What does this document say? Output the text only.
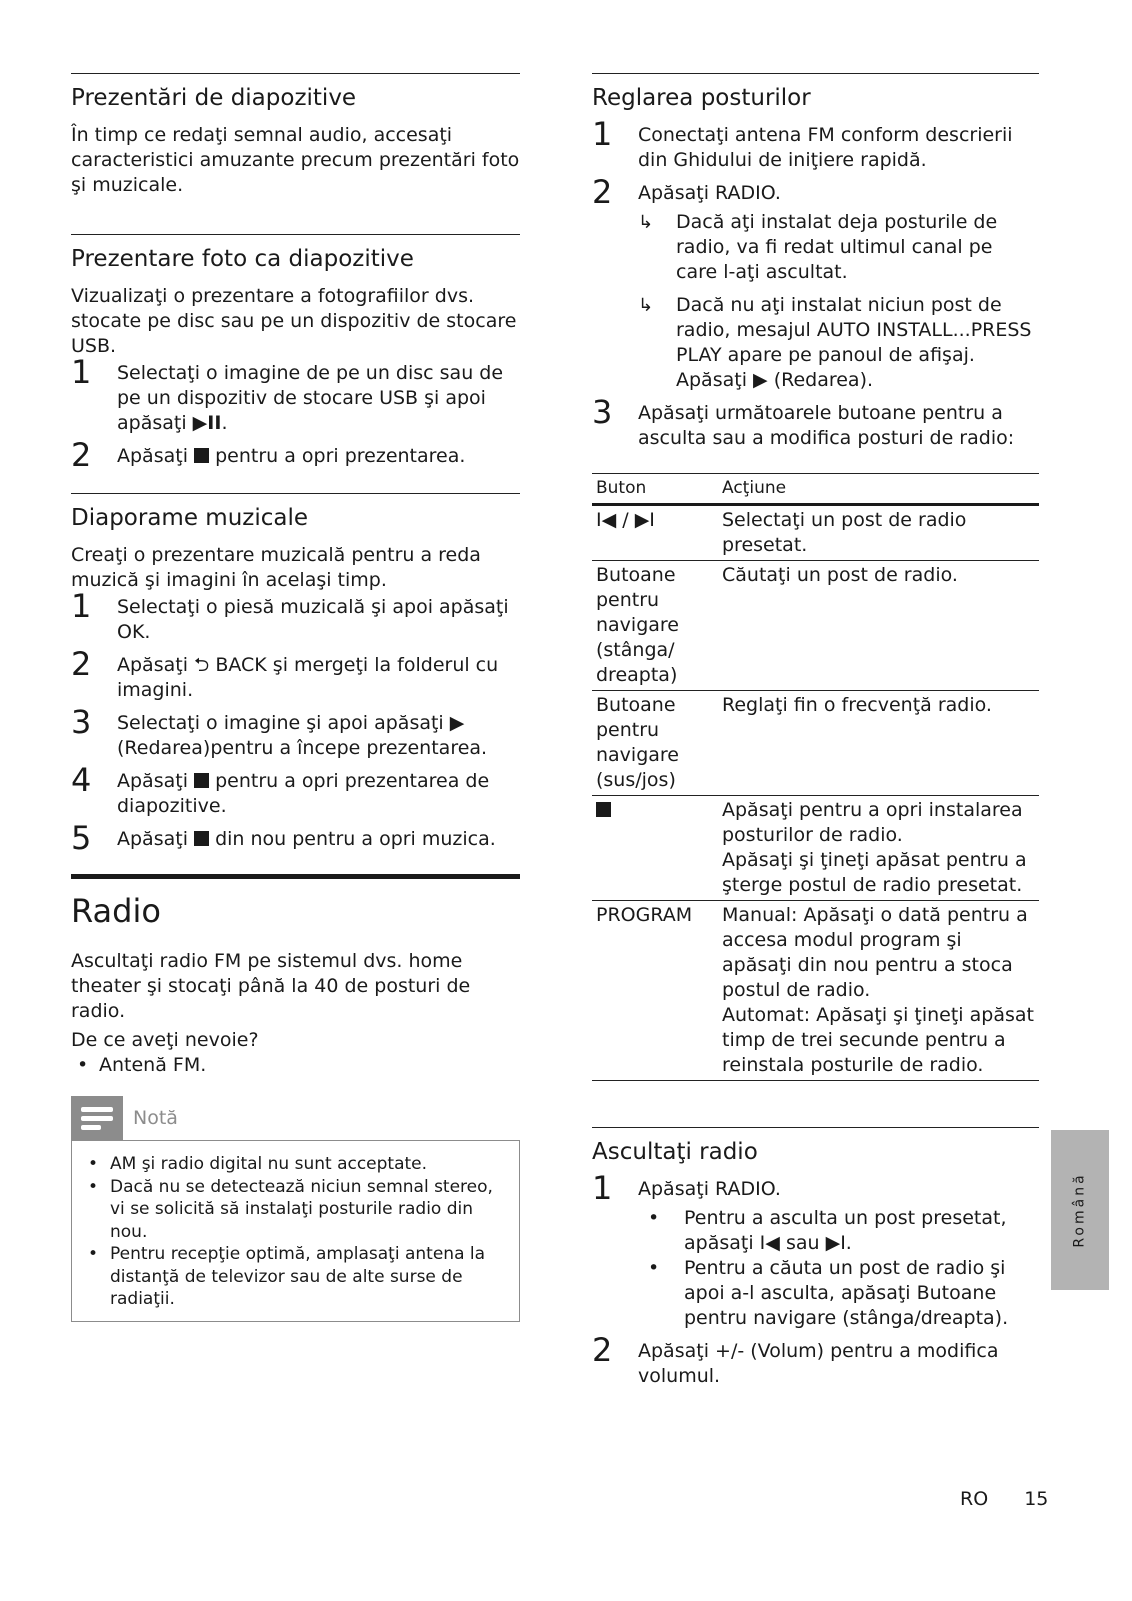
Prezentări de diapozitive

În timp ce redaţi semnal audio, accesaţi caracteristici amuzante precum prezentări foto şi muzicale.

Prezentare foto ca diapozitive

Vizualizaţi o prezentare a fotografiilor dvs. stocate pe disc sau pe un dispozitiv de stocare USB.

1 Selectaţi o imagine de pe un disc sau de pe un dispozitiv de stocare USB şi apoi apăsaţi ▶II.
2 Apăsaţi pentru a opri prezentarea.
Diaporame muzicale

Creaţi o prezentare muzicală pentru a reda muzică şi imagini în acelaşi timp.

1 Selectaţi o piesă muzicală şi apoi apăsaţi OK.
2 Apăsaţi ⮌ BACK şi mergeţi la folderul cu imagini.
3 Selectaţi o imagine şi apoi apăsaţi ▶ (Redarea)pentru a începe prezentarea.
4 Apăsaţi pentru a opri prezentarea de diapozitive.
5 Apăsaţi din nou pentru a opri muzica.
Radio

Ascultaţi radio FM pe sistemul dvs. home theater şi stocaţi până la 40 de posturi de radio.

De ce aveţi nevoie?

• Antenă FM.
Notă
• AM şi radio digital nu sunt acceptate.
• Dacă nu se detectează niciun semnal stereo, vi se solicită să instalaţi posturile radio din nou.
• Pentru recepţie optimă, amplasaţi antena la distanţă de televizor sau de alte surse de radiaţii.
Reglarea posturilor
1 Conectaţi antena FM conform descrierii din Ghidului de iniţiere rapidă.
2 Apăsaţi RADIO.
↳ Dacă aţi instalat deja posturile de radio, va fi redat ultimul canal pe care l-aţi ascultat.
↳ Dacă nu aţi instalat niciun post de radio, mesajul AUTO INSTALL...PRESS PLAY apare pe panoul de afişaj. Apăsaţi ▶ (Redarea).
3 Apăsaţi următoarele butoane pentru a asculta sau a modifica posturi de radio:
Buton	Acţiune
I◀ / ▶I	Selectaţi un post de radio presetat.
Butoane pentru navigare
(stânga/ dreapta)	Căutaţi un post de radio.
Butoane pentru navigare
(sus/jos)	Reglaţi fin o frecvenţă radio.
	Apăsaţi pentru a opri instalarea posturilor de radio.
Apăsaţi şi ţineţi apăsat pentru a şterge postul de radio presetat.
PROGRAM	Manual: Apăsaţi o dată pentru a accesa modul program şi apăsaţi din nou pentru a stoca postul de radio.
Automat: Apăsaţi şi ţineţi apăsat timp de trei secunde pentru a reinstala posturile de radio.
Ascultaţi radio
1 Apăsaţi RADIO.
• Pentru a asculta un post presetat, apăsaţi I◀ sau ▶I.
• Pentru a căuta un post de radio şi apoi a-l asculta, apăsaţi Butoane pentru navigare (stânga/dreapta).
2 Apăsaţi +/- (Volum) pentru a modifica volumul.
Română
RO 15
